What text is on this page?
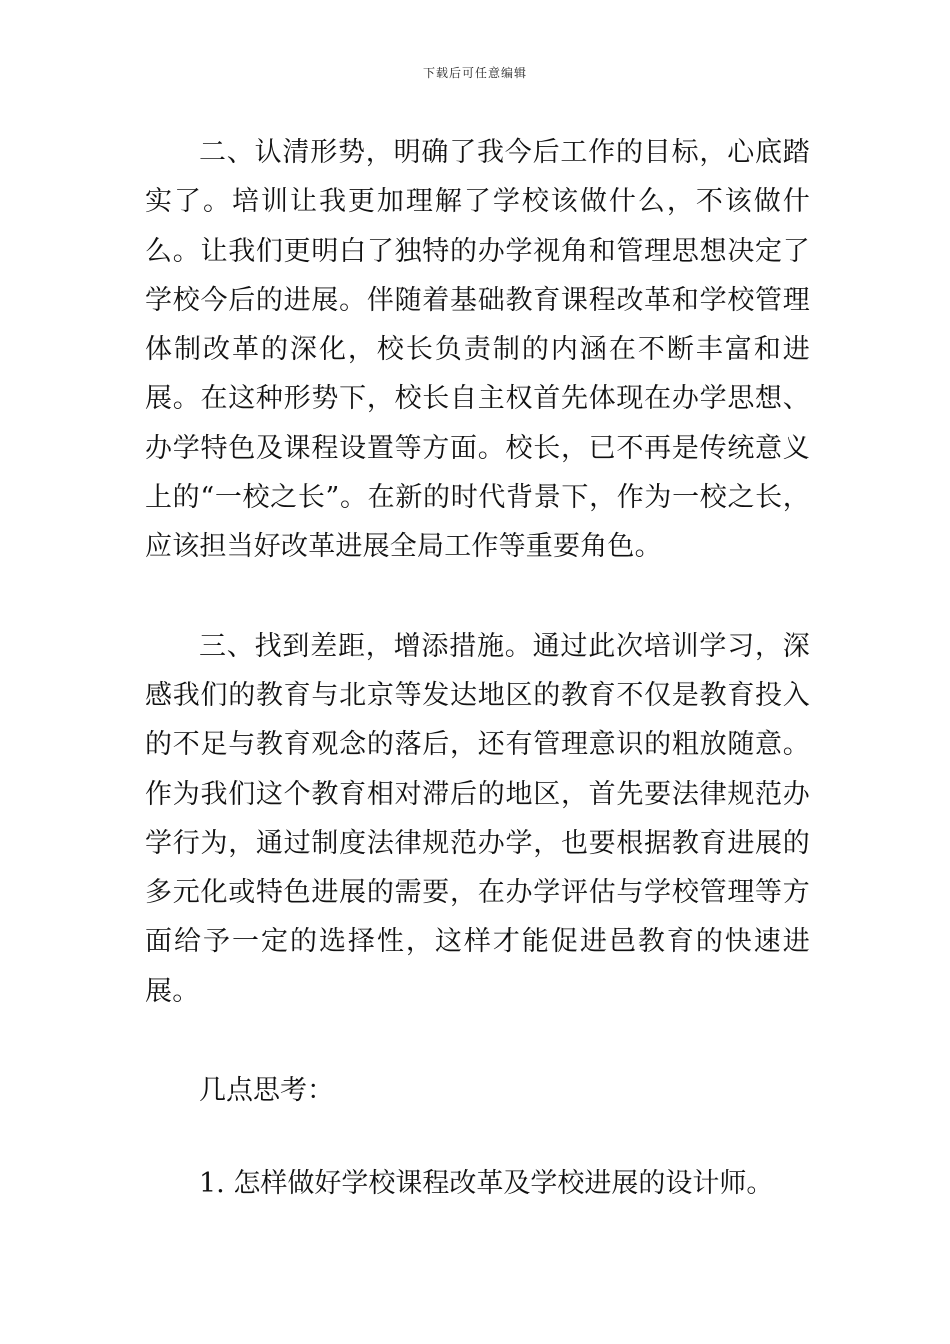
下载后可任意编辑

二、认清形势，明确了我今后工作的目标，心底踏实了。培训让我更加理解了学校该做什么，不该做什么。让我们更明白了独特的办学视角和管理思想决定了学校今后的进展。伴随着基础教育课程改革和学校管理体制改革的深化，校长负责制的内涵在不断丰富和进展。在这种形势下，校长自主权首先体现在办学思想、办学特色及课程设置等方面。校长，已不再是传统意义上的“一校之长”。在新的时代背景下，作为一校之长，应该担当好改革进展全局工作等重要角色。

三、找到差距，增添措施。通过此次培训学习，深感我们的教育与北京等发达地区的教育不仅是教育投入的不足与教育观念的落后，还有管理意识的粗放随意。作为我们这个教育相对滞后的地区，首先要法律规范办学行为，通过制度法律规范办学，也要根据教育进展的多元化或特色进展的需要，在办学评估与学校管理等方面给予一定的选择性，这样才能促进邑教育的快速进展。

几点思考：

1. 怎样做好学校课程改革及学校进展的设计师。
